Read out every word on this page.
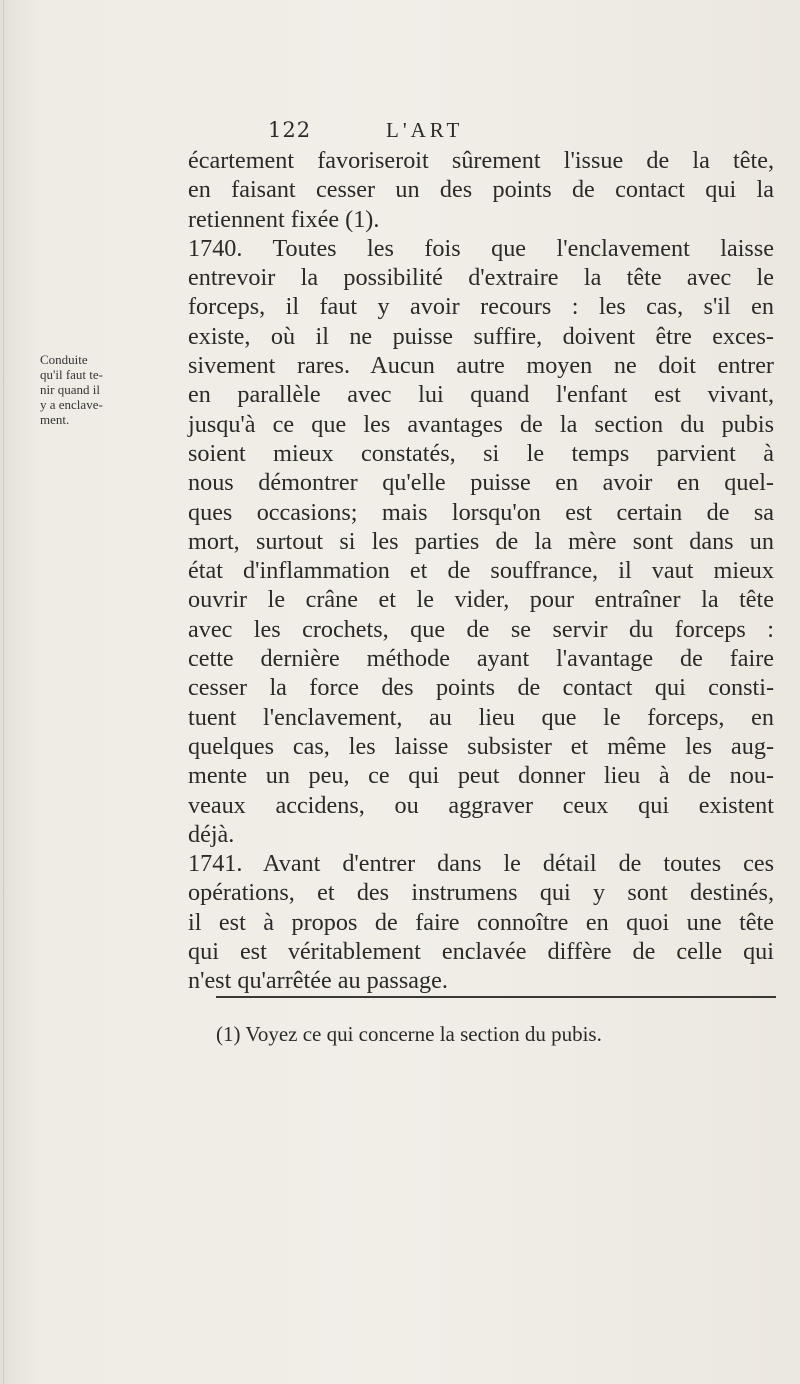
122	L'ART
Conduite
qu'il faut te-
nir quand il
y a enclave-
ment.
écartement favoriseroit sûrement l'issue de la tête,
en faisant cesser un des points de contact qui la
retiennent fixée (1).
1740. Toutes les fois que l'enclavement laisse
entrevoir la possibilité d'extraire la tête avec le
forceps, il faut y avoir recours : les cas, s'il en
existe, où il ne puisse suffire, doivent être exces-
sivement rares. Aucun autre moyen ne doit entrer
en parallèle avec lui quand l'enfant est vivant,
jusqu'à ce que les avantages de la section du pubis
soient mieux constatés, si le temps parvient à
nous démontrer qu'elle puisse en avoir en quel-
ques occasions; mais lorsqu'on est certain de sa
mort, surtout si les parties de la mère sont dans un
état d'inflammation et de souffrance, il vaut mieux
ouvrir le crâne et le vider, pour entraîner la tête
avec les crochets, que de se servir du forceps :
cette dernière méthode ayant l'avantage de faire
cesser la force des points de contact qui consti-
tuent l'enclavement, au lieu que le forceps, en
quelques cas, les laisse subsister et même les aug-
mente un peu, ce qui peut donner lieu à de nou-
veaux accidens, ou aggraver ceux qui existent
déjà.
1741. Avant d'entrer dans le détail de toutes ces
opérations, et des instrumens qui y sont destinés,
il est à propos de faire connoître en quoi une tête
qui est véritablement enclavée diffère de celle qui
n'est qu'arrêtée au passage.
(1) Voyez ce qui concerne la section du pubis.
